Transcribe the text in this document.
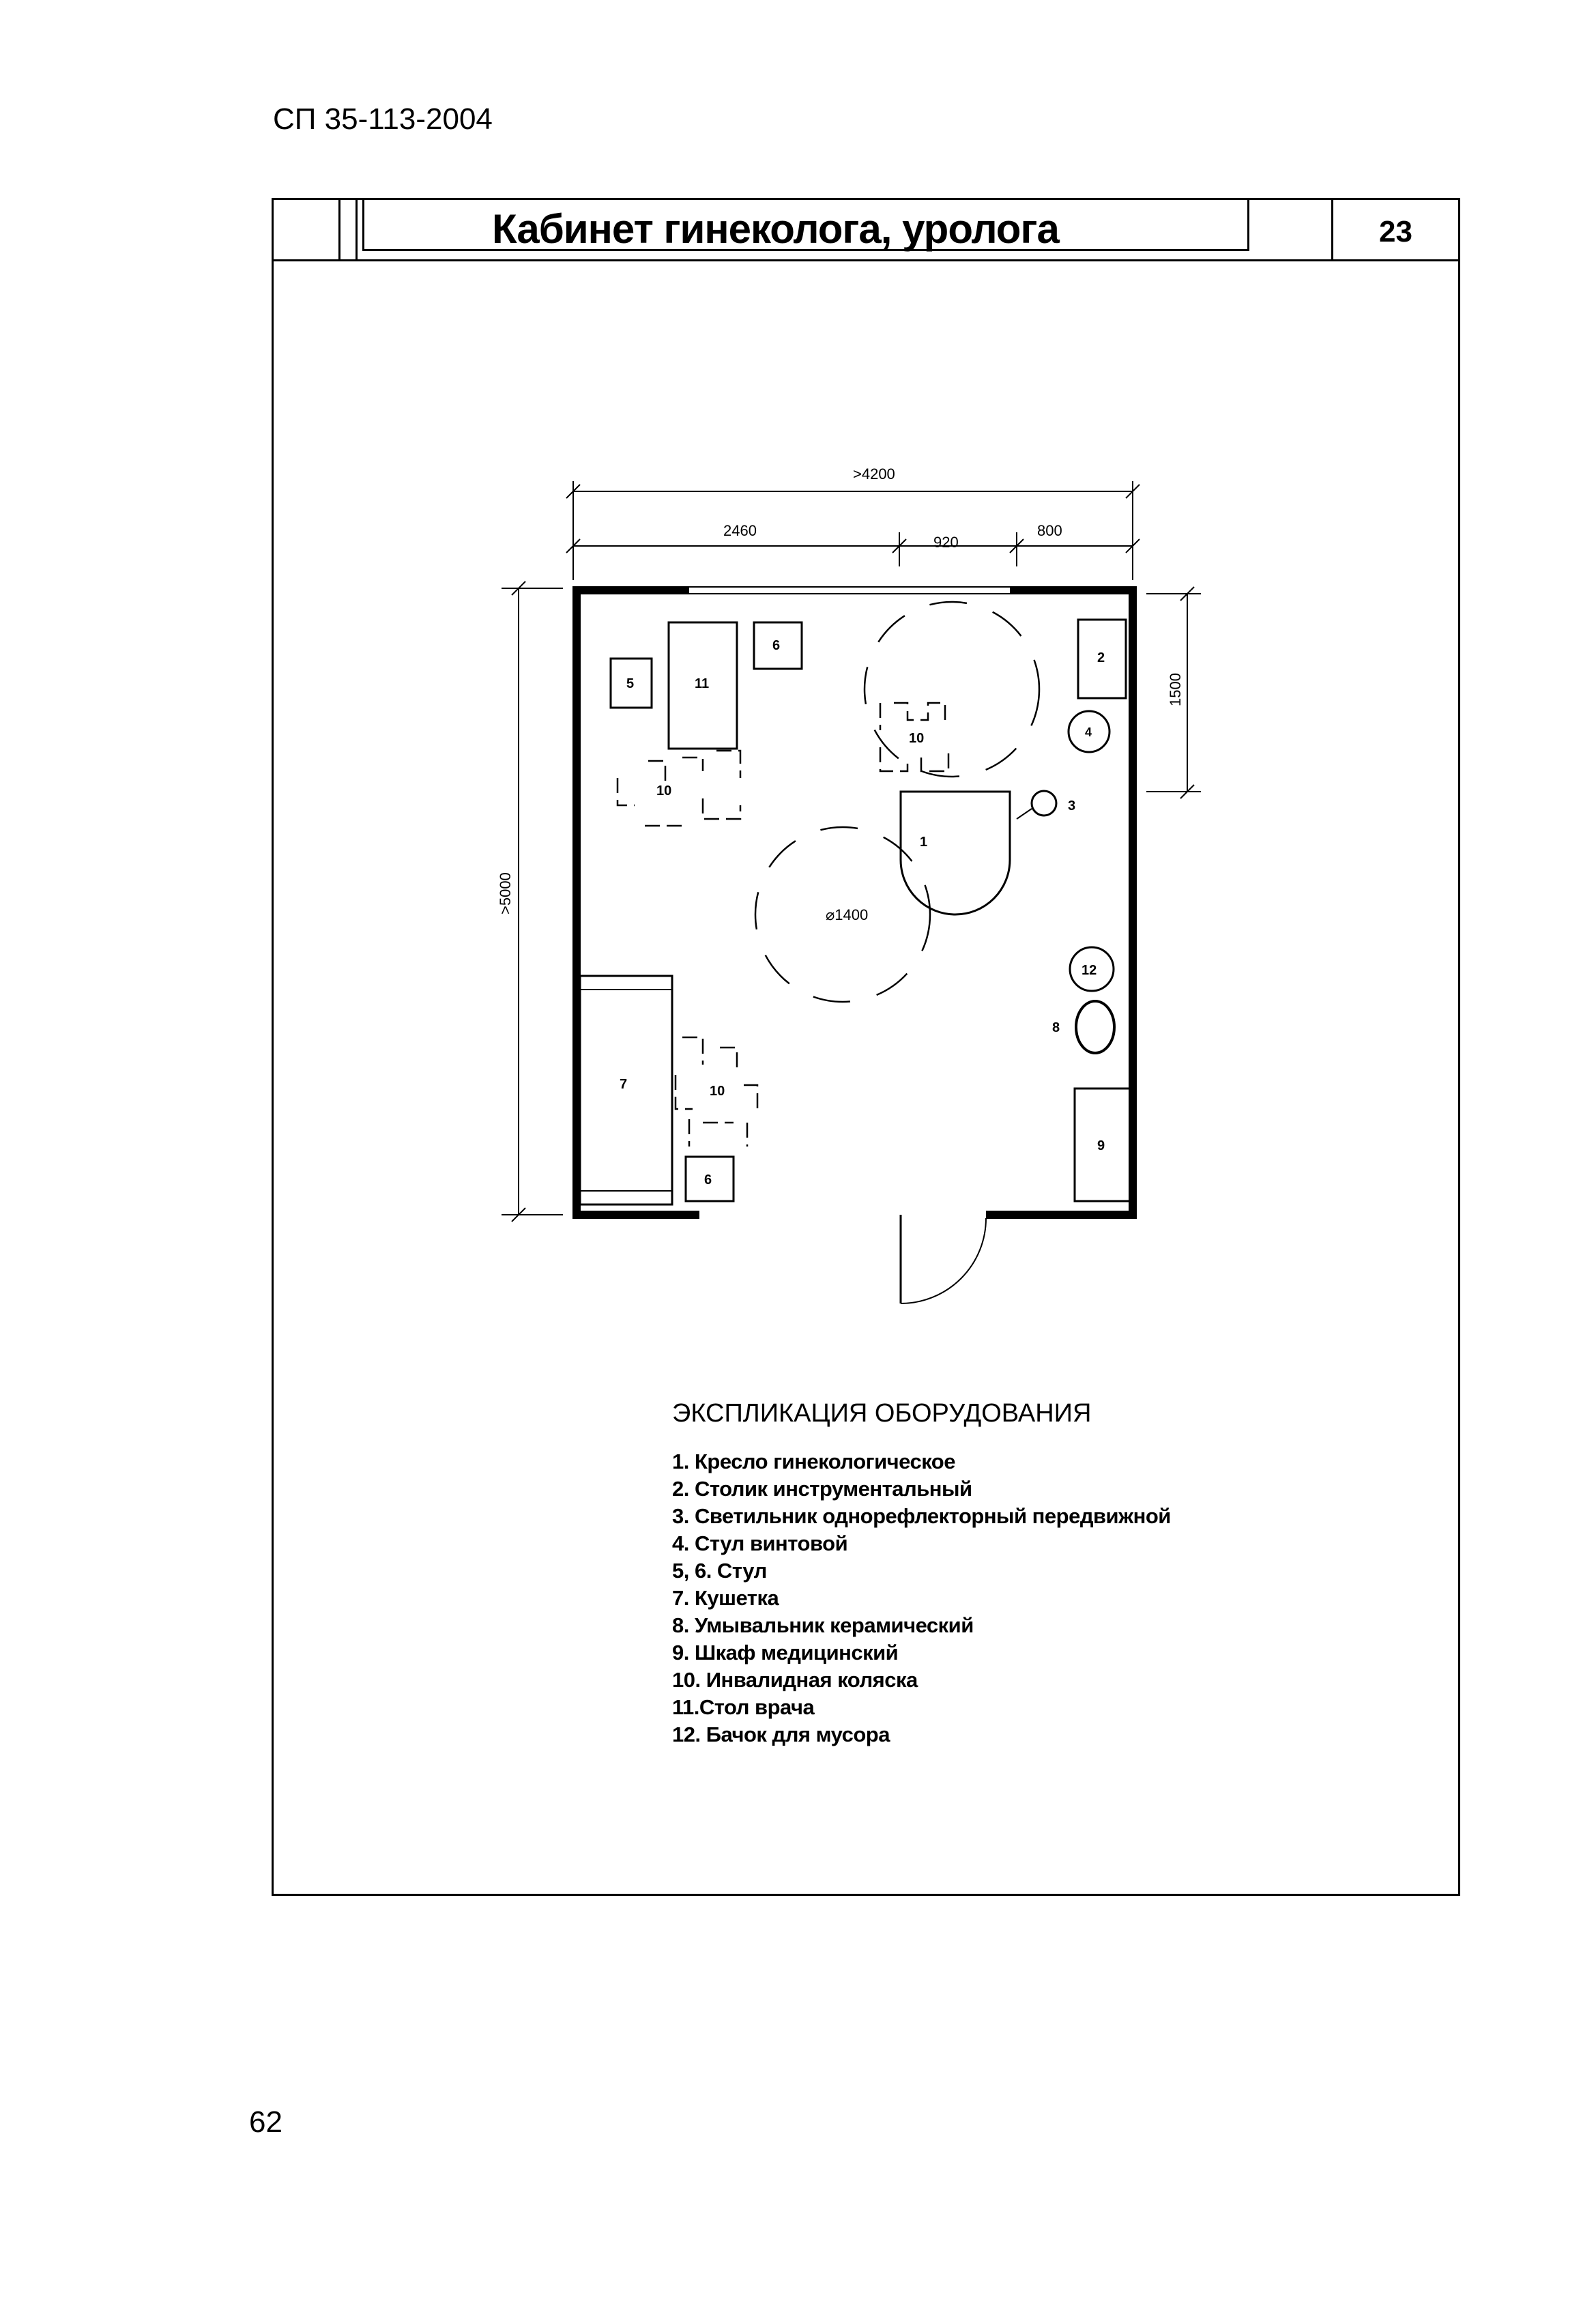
СП 35-113-2004
Кабинет гинеколога, уролога	23
>4200
2460
920
800
>5000
1500
⌀1400
1
2
3
4
5
6
6
7
8
9
10
10
10
11
12
ЭКСПЛИКАЦИЯ ОБОРУДОВАНИЯ
1. Кресло гинекологическое
2. Столик инструментальный
3. Светильник однорефлекторный передвижной
4. Стул винтовой
5, 6. Стул
7. Кушетка
8. Умывальник керамический
9. Шкаф медицинский
10. Инвалидная коляска
11.Стол врача
12. Бачок для мусора
62
